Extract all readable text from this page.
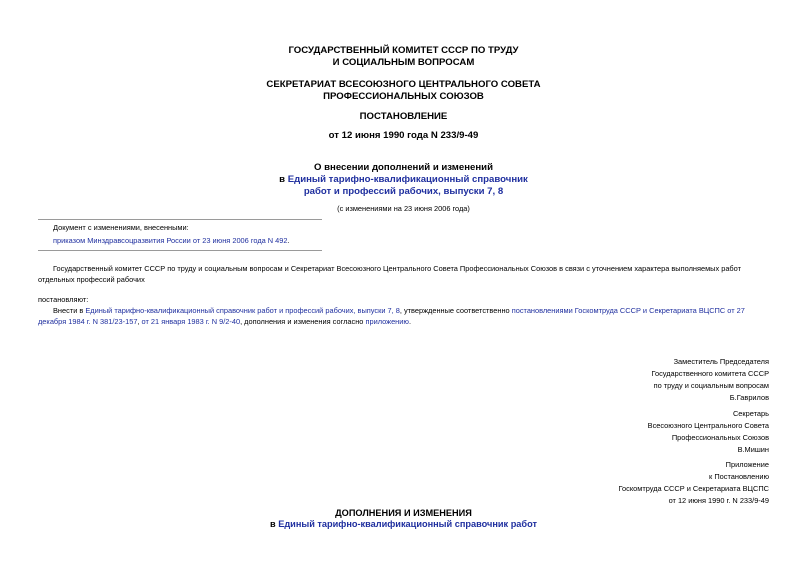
ГОСУДАРСТВЕННЫЙ КОМИТЕТ СССР ПО ТРУДУ
И СОЦИАЛЬНЫМ ВОПРОСАМ
СЕКРЕТАРИАТ ВСЕСОЮЗНОГО ЦЕНТРАЛЬНОГО СОВЕТА
ПРОФЕССИОНАЛЬНЫХ СОЮЗОВ
ПОСТАНОВЛЕНИЕ
от 12 июня 1990 года N 233/9-49
О внесении дополнений и изменений
в Единый тарифно-квалификационный справочник
работ и профессий рабочих, выпуски 7, 8
(с изменениями на 23 июня 2006 года)
Документ с изменениями, внесенными:
приказом Минздравсоцразвития России от 23 июня 2006 года N 492.
Государственный комитет СССР по труду и социальным вопросам и Секретариат Всесоюзного Центрального Совета Профессиональных Союзов в связи с уточнением характера выполняемых работ отдельных профессий рабочих
постановляют:
Внести в Единый тарифно-квалификационный справочник работ и профессий рабочих, выпуски 7, 8, утвержденные соответственно постановлениями Госкомтруда СССР и Секретариата ВЦСПС от 27 декабря 1984 г. N 381/23-157, от 21 января 1983 г. N 9/2-40, дополнения и изменения согласно приложению.
Заместитель Председателя
Государственного комитета СССР
по труду и социальным вопросам
Б.Гаврилов
Секретарь
Всесоюзного Центрального Совета
Профессиональных Союзов
В.Мишин
Приложение
к Постановлению
Госкомтруда СССР и Секретариата ВЦСПС
от 12 июня 1990 г. N 233/9-49
ДОПОЛНЕНИЯ И ИЗМЕНЕНИЯ
в Единый тарифно-квалификационный справочник работ
